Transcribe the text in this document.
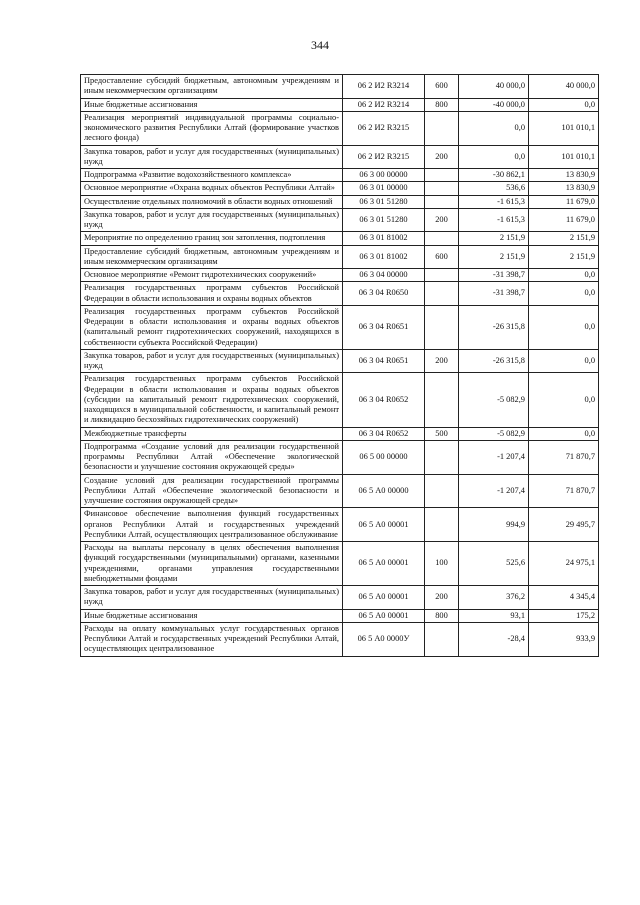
344
Предоставление субсидий бюджетным, автономным учреждениям и иным некоммерческим организациям	06 2 И2 R3214	600	40 000,0	40 000,0
Иные бюджетные ассигнования	06 2 И2 R3214	800	-40 000,0	0,0
Реализация мероприятий индивидуальной программы социально-экономического развития Республики Алтай (формирование участков лесного фонда)	06 2 И2 R3215		0,0	101 010,1
Закупка товаров, работ и услуг для государственных (муниципальных) нужд	06 2 И2 R3215	200	0,0	101 010,1
Подпрограмма «Развитие водохозяйственного комплекса»	06 3 00 00000		-30 862,1	13 830,9
Основное мероприятие «Охрана водных объектов Республики Алтай»	06 3 01 00000		536,6	13 830,9
Осуществление отдельных полномочий в области водных отношений	06 3 01 51280		-1 615,3	11 679,0
Закупка товаров, работ и услуг для государственных (муниципальных) нужд	06 3 01 51280	200	-1 615,3	11 679,0
Мероприятие по определению границ зон затопления, подтопления	06 3 01 81002		2 151,9	2 151,9
Предоставление субсидий бюджетным, автономным учреждениям и иным некоммерческим организациям	06 3 01 81002	600	2 151,9	2 151,9
Основное мероприятие «Ремонт гидротехнических сооружений»	06 3 04 00000		-31 398,7	0,0
Реализация государственных программ субъектов Российской Федерации в области использования и охраны водных объектов	06 3 04 R0650		-31 398,7	0,0
Реализация государственных программ субъектов Российской Федерации в области использования и охраны водных объектов (капитальный ремонт гидротехнических сооружений, находящихся в собственности субъекта Российской Федерации)	06 3 04 R0651		-26 315,8	0,0
Закупка товаров, работ и услуг для государственных (муниципальных) нужд	06 3 04 R0651	200	-26 315,8	0,0
Реализация государственных программ субъектов Российской Федерации в области использования и охраны водных объектов (субсидии на капитальный ремонт гидротехнических сооружений, находящихся в муниципальной собственности, и капитальный ремонт и ликвидацию бесхозяйных гидротехнических сооружений)	06 3 04 R0652		-5 082,9	0,0
Межбюджетные трансферты	06 3 04 R0652	500	-5 082,9	0,0
Подпрограмма «Создание условий для реализации государственной программы Республики Алтай «Обеспечение экологической безопасности и улучшение состояния окружающей среды»	06 5 00 00000		-1 207,4	71 870,7
Создание условий для реализации государственной программы Республики Алтай «Обеспечение экологической безопасности и улучшение состояния окружающей среды»	06 5 А0 00000		-1 207,4	71 870,7
Финансовое обеспечение выполнения функций государственных органов Республики Алтай и государственных учреждений Республики Алтай, осуществляющих централизованное обслуживание	06 5 А0 00001		994,9	29 495,7
Расходы на выплаты персоналу в целях обеспечения выполнения функций государственными (муниципальными) органами, казенными учреждениями, органами управления государственными внебюджетными фондами	06 5 А0 00001	100	525,6	24 975,1
Закупка товаров, работ и услуг для государственных (муниципальных) нужд	06 5 А0 00001	200	376,2	4 345,4
Иные бюджетные ассигнования	06 5 А0 00001	800	93,1	175,2
Расходы на оплату коммунальных услуг государственных органов Республики Алтай и государственных учреждений Республики Алтай, осуществляющих централизованное	06 5 А0 0000У		-28,4	933,9
